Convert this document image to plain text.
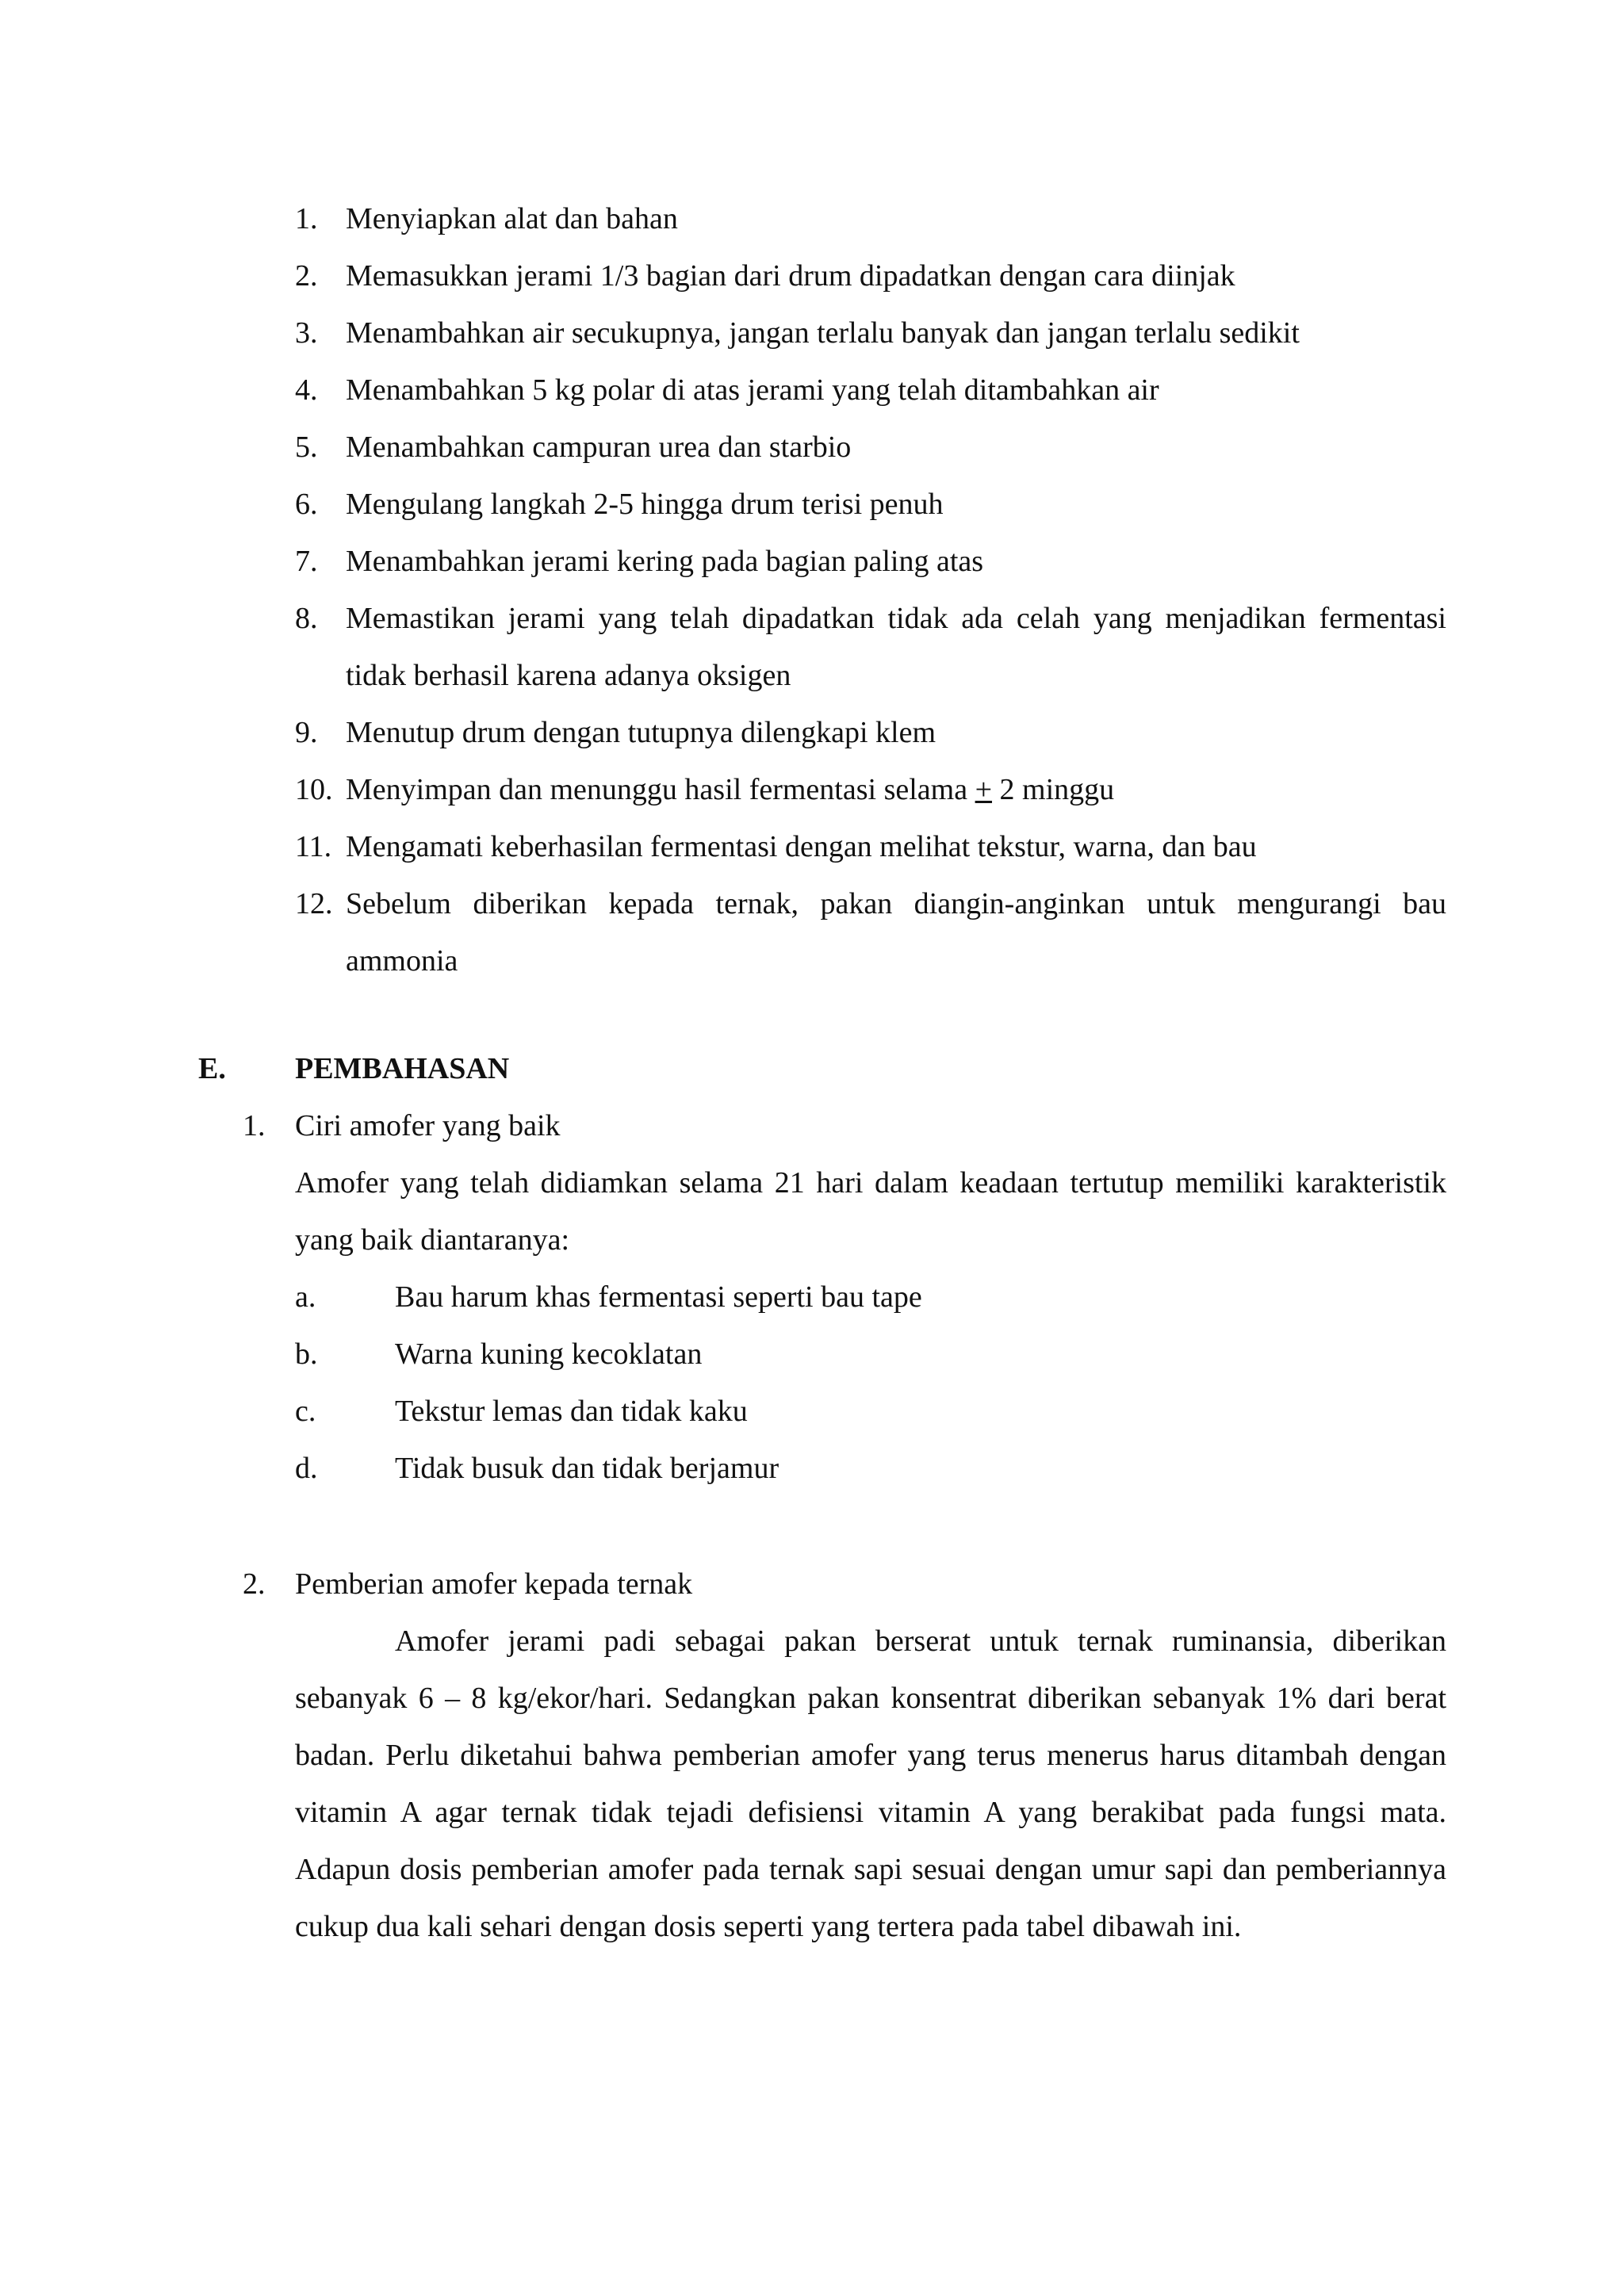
1. Menyiapkan alat dan bahan
2. Memasukkan jerami 1/3 bagian dari drum dipadatkan dengan cara diinjak
3. Menambahkan air secukupnya, jangan terlalu banyak dan jangan terlalu sedikit
4. Menambahkan 5 kg polar di atas jerami yang telah ditambahkan air
5. Menambahkan campuran urea dan starbio
6. Mengulang langkah 2-5 hingga drum terisi penuh
7. Menambahkan jerami kering pada bagian paling atas
8. Memastikan jerami yang telah dipadatkan tidak ada celah yang menjadikan fermentasi tidak berhasil karena adanya oksigen
9. Menutup drum dengan tutupnya dilengkapi klem
10. Menyimpan dan menunggu hasil fermentasi selama + 2 minggu
11. Mengamati keberhasilan fermentasi dengan melihat tekstur, warna, dan bau
12. Sebelum diberikan kepada ternak, pakan diangin-anginkan untuk mengurangi bau ammonia
E. PEMBAHASAN
1. Ciri amofer yang baik
Amofer yang telah didiamkan selama 21 hari dalam keadaan tertutup memiliki karakteristik yang baik diantaranya:
a.	Bau harum khas fermentasi seperti bau tape
b.	Warna kuning kecoklatan
c.	Tekstur lemas dan tidak kaku
d.	Tidak busuk dan tidak berjamur
2. Pemberian amofer kepada ternak
Amofer jerami padi sebagai pakan berserat untuk ternak ruminansia, diberikan sebanyak 6 – 8 kg/ekor/hari. Sedangkan pakan konsentrat diberikan sebanyak 1% dari berat badan. Perlu diketahui bahwa pemberian amofer yang terus menerus harus ditambah dengan vitamin A agar ternak tidak tejadi defisiensi vitamin A yang berakibat pada fungsi mata. Adapun dosis pemberian amofer pada ternak sapi sesuai dengan umur sapi dan pemberiannya cukup dua kali sehari dengan dosis seperti yang tertera pada tabel dibawah ini.
